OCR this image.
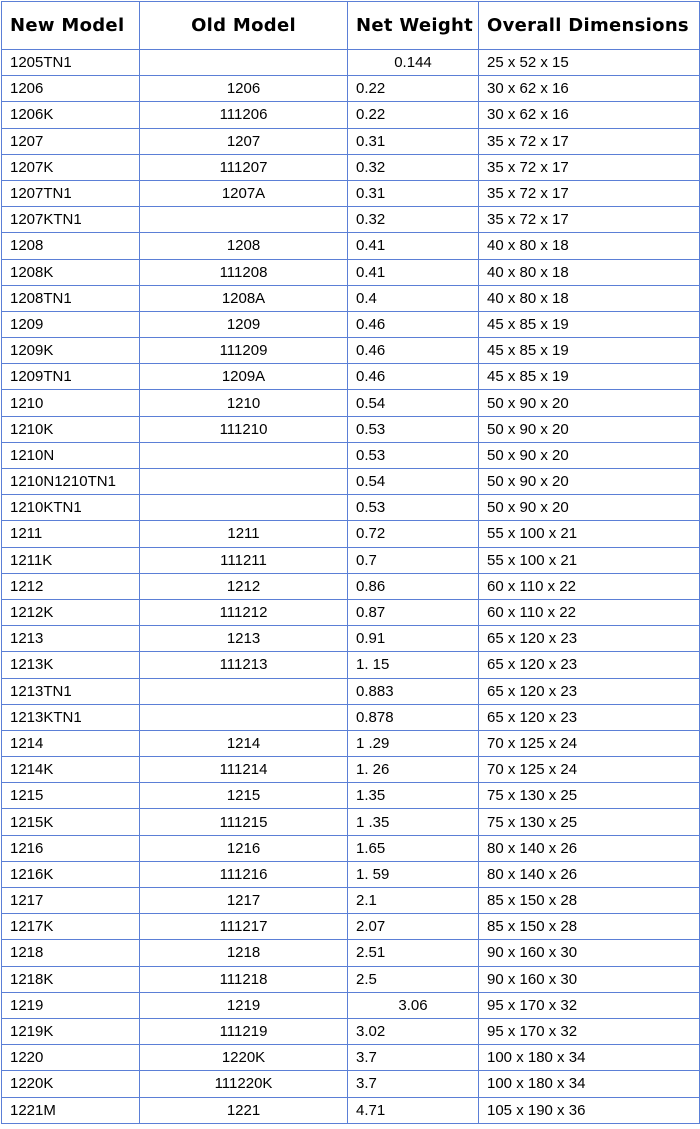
New Model	Old Model	Net Weight	Overall Dimensions
1205TN1		0.144	25 x 52 x 15
1206	1206	0.22	30 x 62 x 16
1206K	111206	0.22	30 x 62 x 16
1207	1207	0.31	35 x 72 x 17
1207K	111207	0.32	35 x 72 x 17
1207TN1	1207A	0.31	35 x 72 x 17
1207KTN1		0.32	35 x 72 x 17
1208	1208	0.41	40 x 80 x 18
1208K	111208	0.41	40 x 80 x 18
1208TN1	1208A	0.4	40 x 80 x 18
1209	1209	0.46	45 x 85 x 19
1209K	111209	0.46	45 x 85 x 19
1209TN1	1209A	0.46	45 x 85 x 19
1210	1210	0.54	50 x 90 x 20
1210K	111210	0.53	50 x 90 x 20
1210N		0.53	50 x 90 x 20
1210N1210TN1		0.54	50 x 90 x 20
1210KTN1		0.53	50 x 90 x 20
1211	1211	0.72	55 x 100 x 21
1211K	111211	0.7	55 x 100 x 21
1212	1212	0.86	60 x 110 x 22
1212K	111212	0.87	60 x 110 x 22
1213	1213	0.91	65 x 120 x 23
1213K	111213	1. 15	65 x 120 x 23
1213TN1		0.883	65 x 120 x 23
1213KTN1		0.878	65 x 120 x 23
1214	1214	1 .29	70 x 125 x 24
1214K	111214	1. 26	70 x 125 x 24
1215	1215	1.35	75 x 130 x 25
1215K	111215	1 .35	75 x 130 x 25
1216	1216	1.65	80 x 140 x 26
1216K	111216	1. 59	80 x 140 x 26
1217	1217	2.1	85 x 150 x 28
1217K	111217	2.07	85 x 150 x 28
1218	1218	2.51	90 x 160 x 30
1218K	111218	2.5	90 x 160 x 30
1219	1219	3.06	95 x 170 x 32
1219K	111219	3.02	95 x 170 x 32
1220	1220K	3.7	100 x 180 x 34
1220K	111220K	3.7	100 x 180 x 34
1221M	1221	4.71	105 x 190 x 36
